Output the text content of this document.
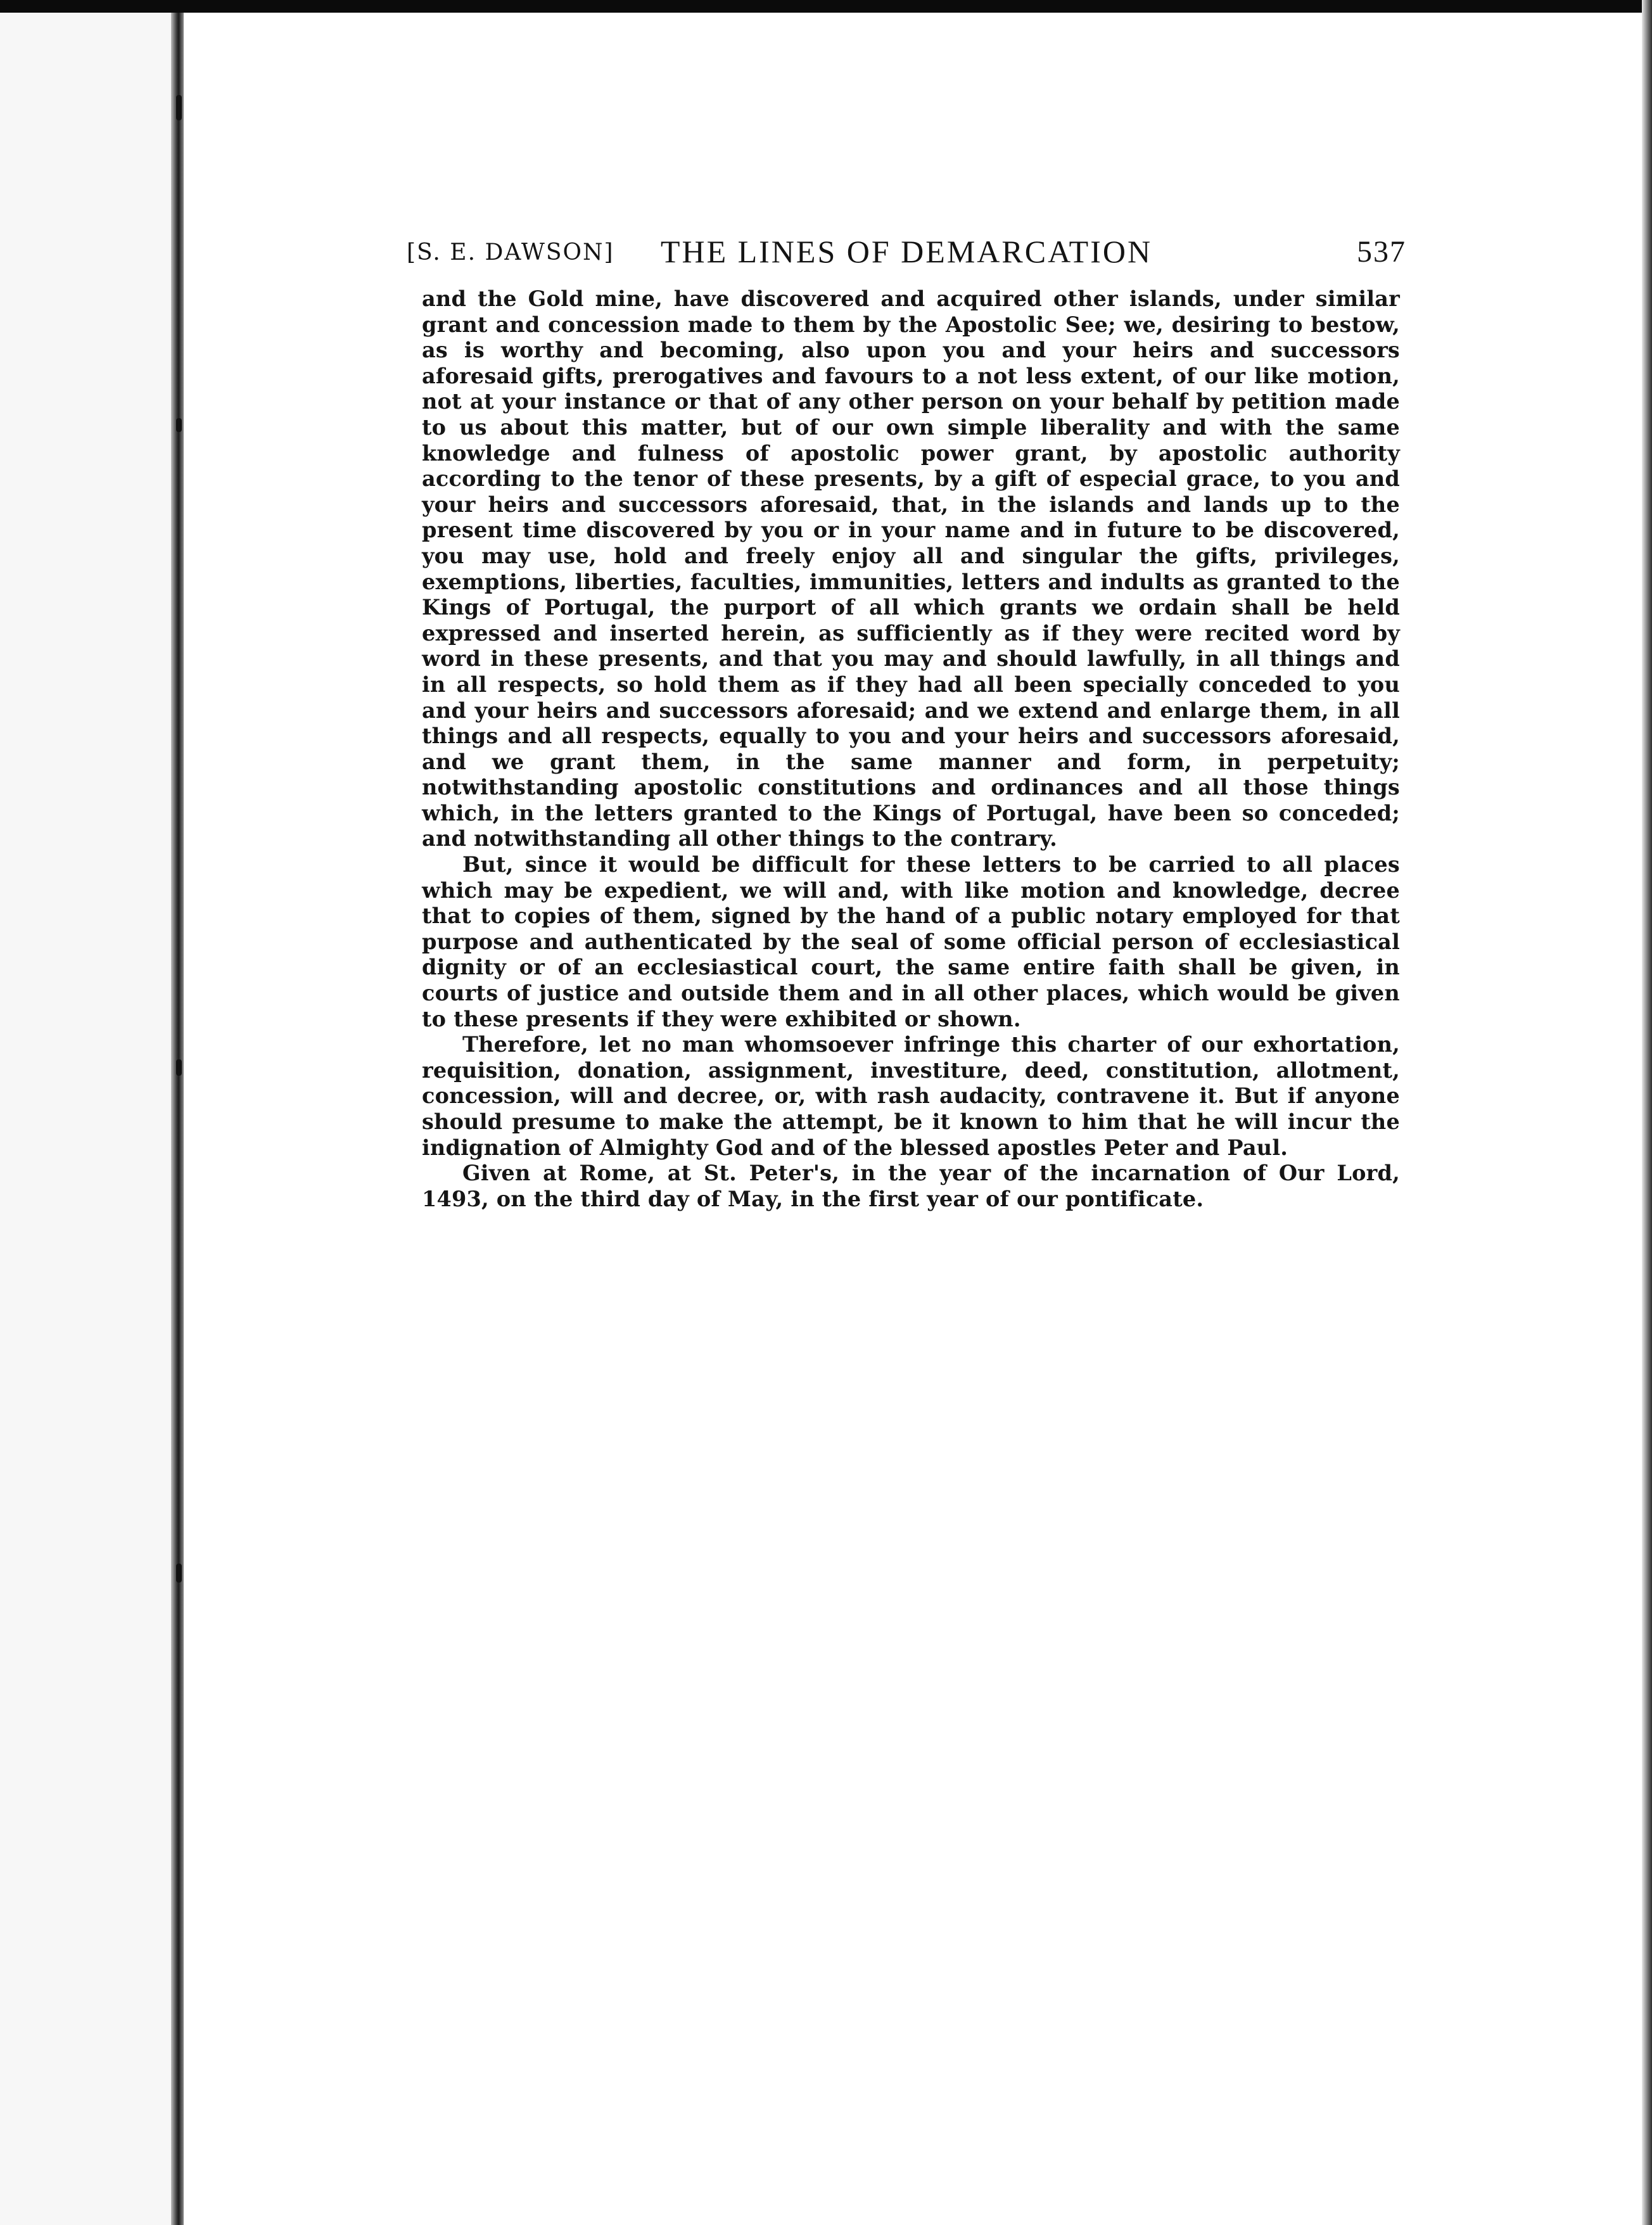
[S. E. DAWSON]	THE LINES OF DEMARCATION	537

and the Gold mine, have discovered and acquired other islands, under similar grant and concession made to them by the Apostolic See; we, desiring to bestow, as is worthy and becoming, also upon you and your heirs and successors aforesaid gifts, prerogatives and favours to a not less extent, of our like motion, not at your instance or that of any other person on your behalf by petition made to us about this matter, but of our own simple liberality and with the same knowledge and fulness of apostolic power grant, by apostolic authority according to the tenor of these presents, by a gift of especial grace, to you and your heirs and successors aforesaid, that, in the islands and lands up to the present time discovered by you or in your name and in future to be discovered, you may use, hold and freely enjoy all and singular the gifts, privileges, exemptions, liberties, faculties, immunities, letters and indults as granted to the Kings of Portugal, the purport of all which grants we ordain shall be held expressed and inserted herein, as sufficiently as if they were recited word by word in these presents, and that you may and should lawfully, in all things and in all respects, so hold them as if they had all been specially conceded to you and your heirs and successors aforesaid; and we extend and enlarge them, in all things and all respects, equally to you and your heirs and successors aforesaid, and we grant them, in the same manner and form, in perpetuity; notwithstanding apostolic constitutions and ordinances and all those things which, in the letters granted to the Kings of Portugal, have been so conceded; and notwithstanding all other things to the contrary.

But, since it would be difficult for these letters to be carried to all places which may be expedient, we will and, with like motion and knowledge, decree that to copies of them, signed by the hand of a public notary employed for that purpose and authenticated by the seal of some official person of ecclesiastical dignity or of an ecclesiastical court, the same entire faith shall be given, in courts of justice and outside them and in all other places, which would be given to these presents if they were exhibited or shown.

Therefore, let no man whomsoever infringe this charter of our exhortation, requisition, donation, assignment, investiture, deed, constitution, allotment, concession, will and decree, or, with rash audacity, contravene it. But if anyone should presume to make the attempt, be it known to him that he will incur the indignation of Almighty God and of the blessed apostles Peter and Paul.

Given at Rome, at St. Peter's, in the year of the incarnation of Our Lord, 1493, on the third day of May, in the first year of our pontificate.
